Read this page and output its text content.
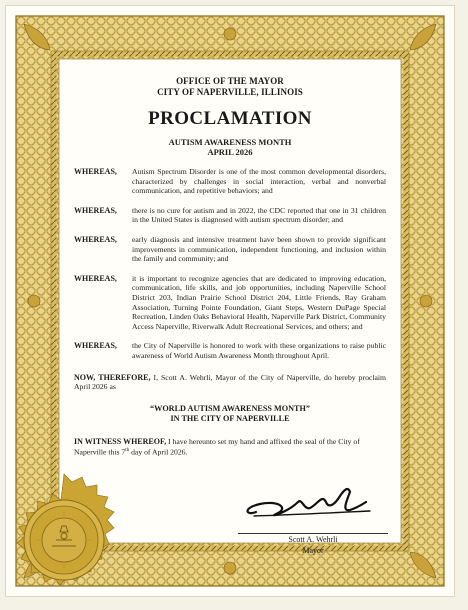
OFFICE OF THE MAYOR
CITY OF NAPERVILLE, ILLINOIS
PROCLAMATION
AUTISM AWARENESS MONTH
APRIL 2026
WHEREAS,	Autism Spectrum Disorder is one of the most common developmental disorders, characterized by challenges in social interaction, verbal and nonverbal communication, and repetitive behaviors; and
WHEREAS,	there is no cure for autism and in 2022, the CDC reported that one in 31 children in the United States is diagnosed with autism spectrum disorder; and
WHEREAS,	early diagnosis and intensive treatment have been shown to provide significant improvements in communication, independent functioning, and inclusion within the family and community; and
WHEREAS,	it is important to recognize agencies that are dedicated to improving education, communication, life skills, and job opportunities, including Naperville School District 203, Indian Prairie School District 204, Little Friends, Ray Graham Association, Turning Pointe Foundation, Giant Steps, Western DuPage Special Recreation, Linden Oaks Behavioral Health, Naperville Park District, Community Access Naperville, Riverwalk Adult Recreational Services, and others; and
WHEREAS,	the City of Naperville is honored to work with these organizations to raise public awareness of World Autism Awareness Month throughout April.
NOW, THEREFORE, I, Scott A. Wehrli, Mayor of the City of Naperville, do hereby proclaim April 2026 as
“WORLD AUTISM AWARENESS MONTH”
IN THE CITY OF NAPERVILLE
IN WITNESS WHEREOF, I have hereunto set my hand and affixed the seal of the City of Naperville this 7th day of April 2026.
Scott A. Wehrli
Mayor
